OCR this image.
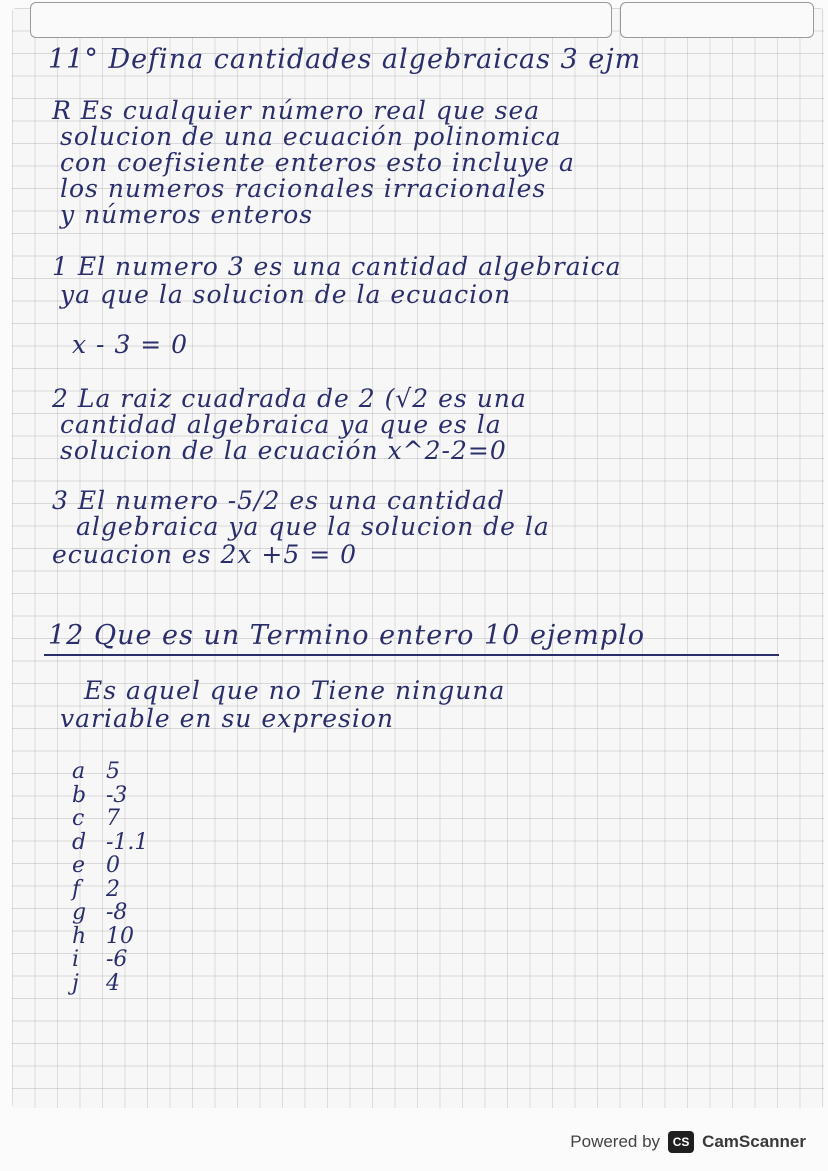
11° Defina cantidades algebraicas 3 ejm
R Es cualquier número real que sea
solucion de una ecuación polinomica
con coefisiente enteros esto incluye a
los numeros racionales irracionales
y números enteros
1 El numero 3 es una cantidad algebraica
ya que la solucion de la ecuacion
x - 3 = 0
2 La raiz cuadrada de 2 (√2 es una
cantidad algebraica ya que es la
solucion de la ecuación x^2-2=0
3 El numero -5/2 es una cantidad
algebraica ya que la solucion de la
ecuacion es 2x +5 = 0
12 Que es un Termino entero 10 ejemplo
Es aquel que no Tiene ninguna
variable en su expresion
a 5
b -3
c 7
d -1.1
e 0
f	2
g -8
h 10
i	-6
j	4
Powered by	CS CamScanner
